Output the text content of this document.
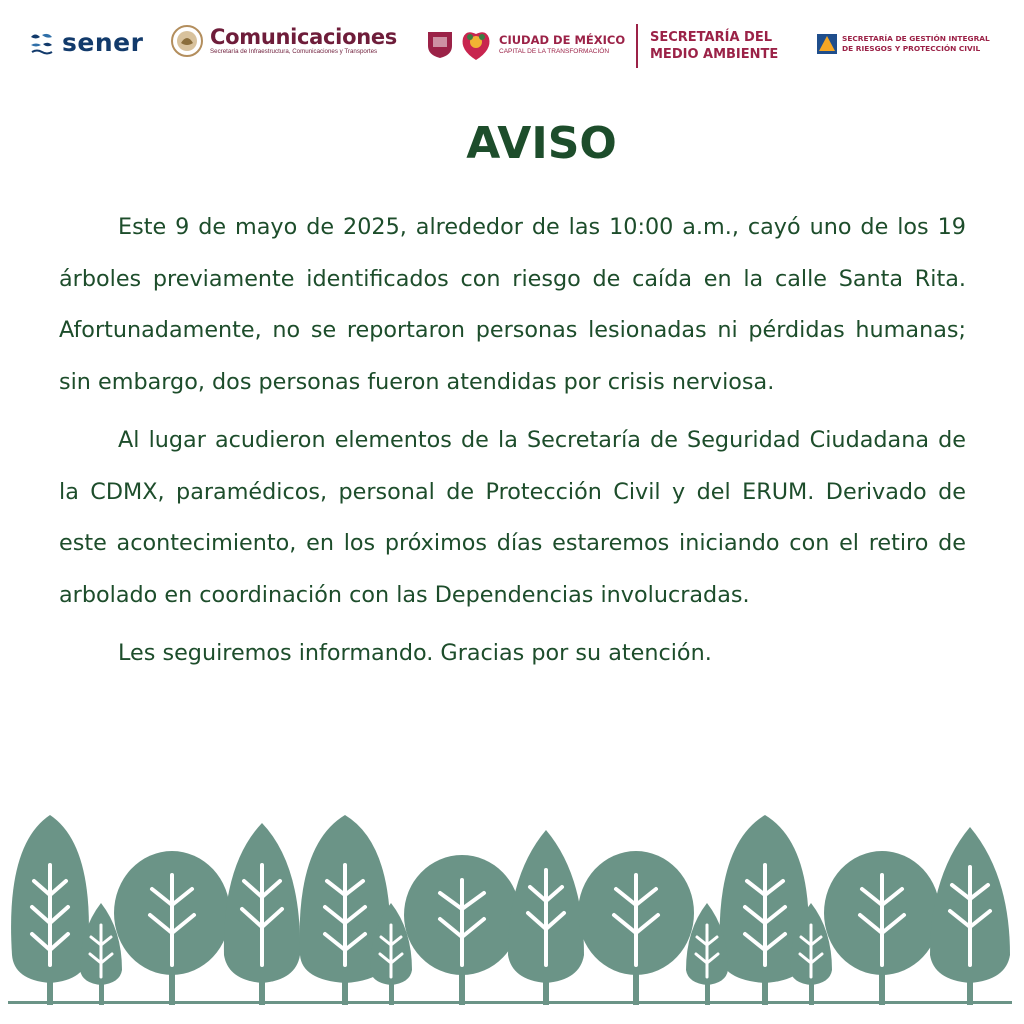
sener	Comunicaciones
Secretaría de Infraestructura, Comunicaciones y Transportes
CIUDAD DE MÉXICO
CAPITAL DE LA TRANSFORMACIÓN
SECRETARÍA DEL
MEDIO AMBIENTE
SECRETARÍA DE GESTIÓN INTEGRAL
DE RIESGOS Y PROTECCIÓN CIVIL
AVISO

Este 9 de mayo de 2025, alrededor de las 10:00 a.m., cayó uno de los 19 árboles previamente identificados con riesgo de caída en la calle Santa Rita. Afortunadamente, no se reportaron personas lesionadas ni pérdidas humanas; sin embargo, dos personas fueron atendidas por crisis nerviosa.

Al lugar acudieron elementos de la Secretaría de Seguridad Ciudadana de la CDMX, paramédicos, personal de Protección Civil y del ERUM. Derivado de este acontecimiento, en los próximos días estaremos iniciando con el retiro de arbolado en coordinación con las Dependencias involucradas.

Les seguiremos informando. Gracias por su atención.
